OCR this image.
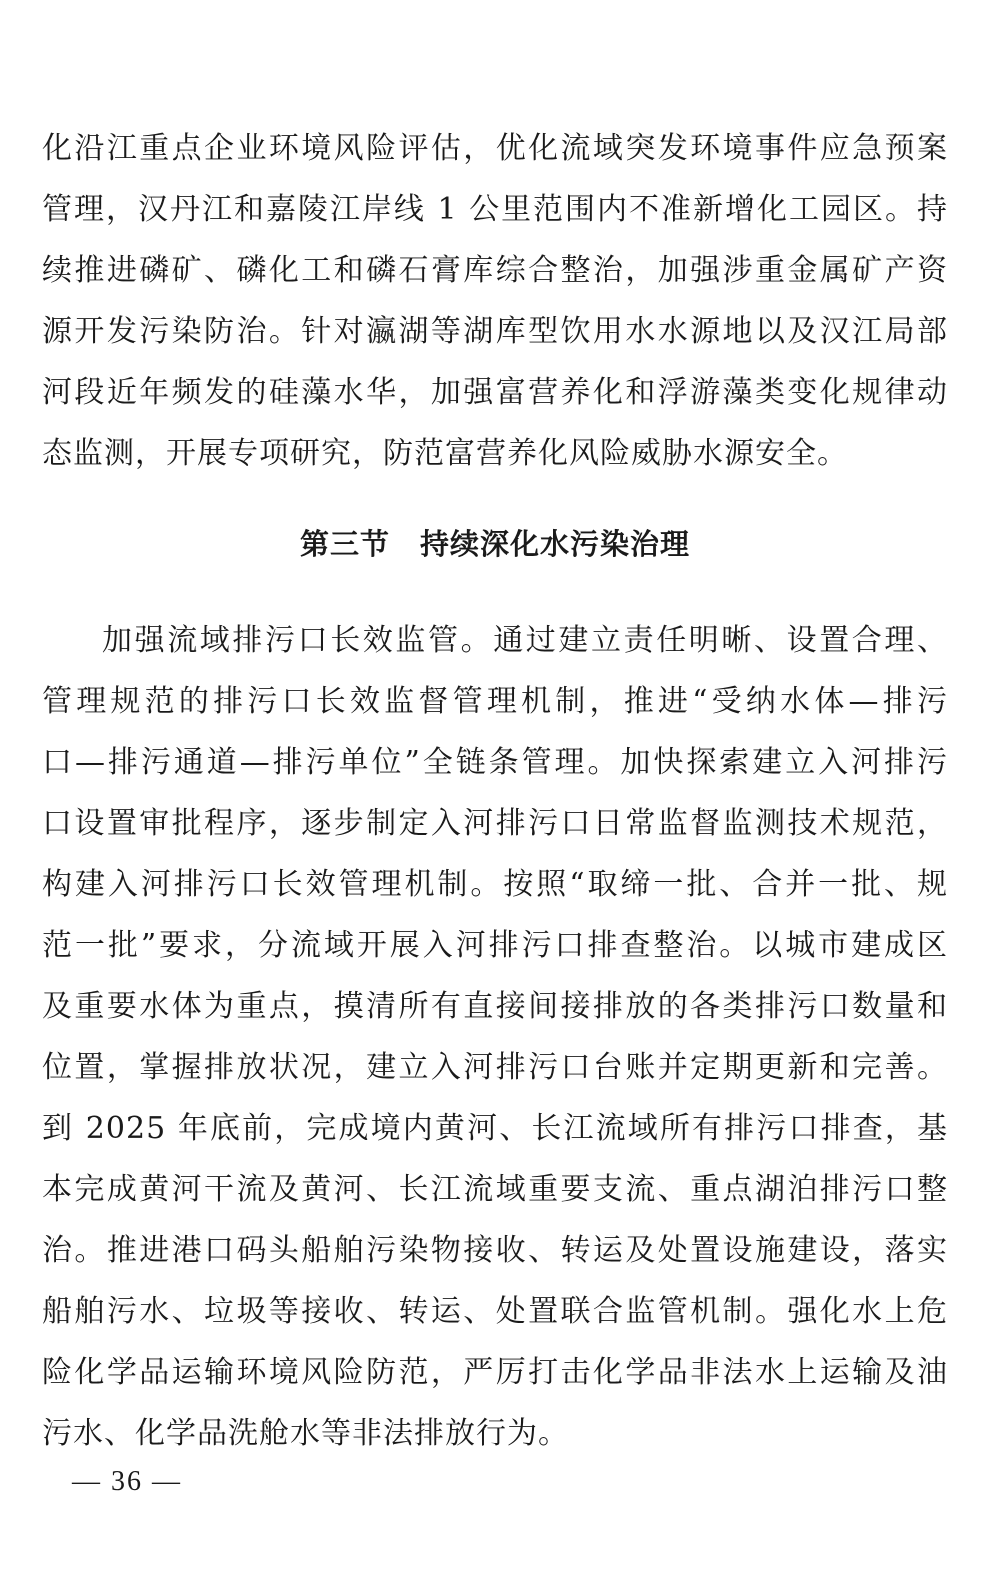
化沿江重点企业环境风险评估，优化流域突发环境事件应急预案
管理，汉丹江和嘉陵江岸线 1 公里范围内不准新增化工园区。持
续推进磷矿、磷化工和磷石膏库综合整治，加强涉重金属矿产资
源开发污染防治。针对瀛湖等湖库型饮用水水源地以及汉江局部
河段近年频发的硅藻水华，加强富营养化和浮游藻类变化规律动
态监测，开展专项研究，防范富营养化风险威胁水源安全。
第三节　持续深化水污染治理
加强流域排污口长效监管。通过建立责任明晰、设置合理、
管理规范的排污口长效监督管理机制，推进“受纳水体—排污
口—排污通道—排污单位”全链条管理。加快探索建立入河排污
口设置审批程序，逐步制定入河排污口日常监督监测技术规范，
构建入河排污口长效管理机制。按照“取缔一批、合并一批、规
范一批”要求，分流域开展入河排污口排查整治。以城市建成区
及重要水体为重点，摸清所有直接间接排放的各类排污口数量和
位置，掌握排放状况，建立入河排污口台账并定期更新和完善。
到 2025 年底前，完成境内黄河、长江流域所有排污口排查，基
本完成黄河干流及黄河、长江流域重要支流、重点湖泊排污口整
治。推进港口码头船舶污染物接收、转运及处置设施建设，落实
船舶污水、垃圾等接收、转运、处置联合监管机制。强化水上危
险化学品运输环境风险防范，严厉打击化学品非法水上运输及油
污水、化学品洗舱水等非法排放行为。
— 36 —
